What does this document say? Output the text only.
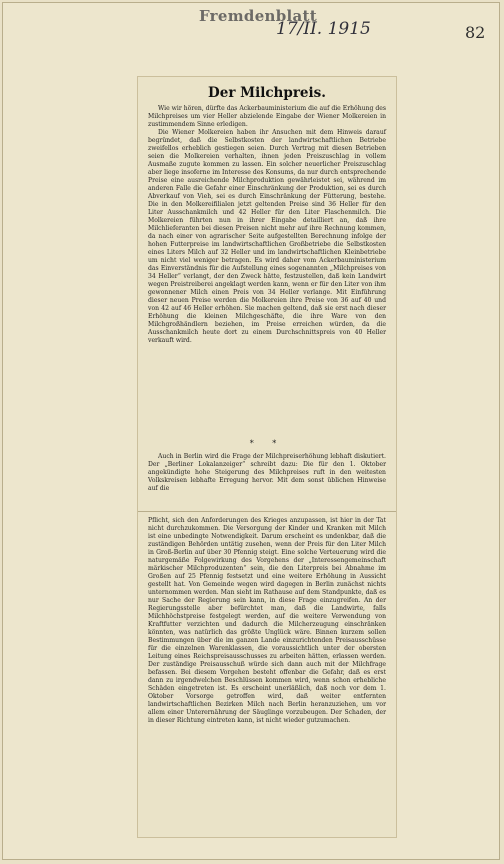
Fremdenblatt
17/II. 1915	82
Der Milchpreis.

Wie wir hören, dürfte das Ackerbauministerium die auf die Erhöhung des Milchpreises um vier Heller abzielende Eingabe der Wiener Molkereien in zustimmendem Sinne erledigen.

Die Wiener Molkereien haben ihr Ansuchen mit dem Hinweis darauf begründet, daß die Selbstkosten der landwirtschaftlichen Betriebe zweifellos erheblich gestiegen seien. Durch Vertrag mit diesen Betrieben seien die Molkereien verhalten, ihnen jeden Preiszuschlag in vollem Ausmaße zugute kommen zu lassen. Ein solcher neuerlicher Preiszuschlag aber liege insoferne im Interesse des Konsums, da nur durch entsprechende Preise eine ausreichende Milchproduktion gewährleistet sei, während im anderen Falle die Gefahr einer Einschränkung der Produktion, sei es durch Abverkauf von Vieh, sei es durch Einschränkung der Fütterung, bestehe. Die in den Molkereifilialen jetzt geltenden Preise sind 36 Heller für den Liter Ausschankmilch und 42 Heller für den Liter Flaschenmilch. Die Molkereien führten nun in ihrer Eingabe detailliert an, daß ihre Milchlieferanten bei diesen Preisen nicht mehr auf ihre Rechnung kommen, da nach einer von agrarischer Seite aufgestellten Berechnung infolge der hohen Futterpreise im landwirtschaftlichen Großbetriebe die Selbstkosten eines Liters Milch auf 32 Heller und im landwirtschaftlichen Kleinbetriebe um nicht viel weniger betragen. Es wird daher vom Ackerbauministerium das Einverständnis für die Aufstellung eines sogenannten „Milchpreises von 34 Heller“ verlangt, der den Zweck hätte, festzustellen, daß kein Landwirt wegen Preistreiberei angeklagt werden kann, wenn er für den Liter von ihm gewonnener Milch einen Preis von 34 Heller verlange. Mit Einführung dieser neuen Preise werden die Molkereien ihre Preise von 36 auf 40 und von 42 auf 46 Heller erhöhen. Sie machen geltend, daß sie erst nach dieser Erhöhung die kleinen Milchgeschäfte, die ihre Ware von den Milchgroßhändlern beziehen, im Preise erreichen würden, da die Ausschankmilch heute dort zu einem Durchschnittspreis von 40 Heller verkauft wird.

* *

Auch in Berlin wird die Frage der Milchpreiserhöhung lebhaft diskutiert. Der „Berliner Lokalanzeiger“ schreibt dazu: Die für den 1. Oktober angekündigte hohe Steigerung des Milchpreises ruft in den weitesten Volkskreisen lebhafte Erregung hervor. Mit dem sonst üblichen Hinweise auf die

Pflicht, sich den Anforderungen des Krieges anzupassen, ist hier in der Tat nicht durchzukommen. Die Versorgung der Kinder und Kranken mit Milch ist eine unbedingte Notwendigkeit. Darum erscheint es undenkbar, daß die zuständigen Behörden untätig zusehen, wenn der Preis für den Liter Milch in Groß-Berlin auf über 30 Pfennig steigt. Eine solche Verteuerung wird die naturgemäße Folgewirkung des Vorgehens der „Interessengemeinschaft märkischer Milchproduzenten“ sein, die den Literpreis bei Abnahme im Großen auf 25 Pfennig festsetzt und eine weitere Erhöhung in Aussicht gestellt hat. Von Gemeinde wegen wird dagegen in Berlin zunächst nichts unternommen werden. Man sieht im Rathause auf dem Standpunkte, daß es nur Sache der Regierung sein kann, in diese Frage einzugreifen. An der Regierungsstelle aber befürchtet man, daß die Landwirte, falls Milchhöchstpreise festgelegt werden, auf die weitere Verwendung von Kraftfutter verzichten und dadurch die Milcherzeugung einschränken könnten, was natürlich das größte Unglück wäre. Binnen kurzem sollen Bestimmungen über die im ganzen Lande einzurichtenden Preisausschüsse für die einzelnen Warenklassen, die voraussichtlich unter der obersten Leitung eines Reichspreisausschusses zu arbeiten hätten, erlassen werden. Der zuständige Preisausschuß würde sich dann auch mit der Milchfrage befassen. Bei diesem Vorgehen besteht offenbar die Gefahr, daß es erst dann zu irgendwelchen Beschlüssen kommen wird, wenn schon erhebliche Schäden eingetreten ist. Es erscheint unerläßlich, daß noch vor dem 1. Oktober Vorsorge getroffen wird, daß weiter entfernten landwirtschaftlichen Bezirken Milch nach Berlin heranzuziehen, um vor allem einer Unterernährung der Säuglinge vorzubeugen. Der Schaden, der in dieser Richtung eintreten kann, ist nicht wieder gutzumachen.
